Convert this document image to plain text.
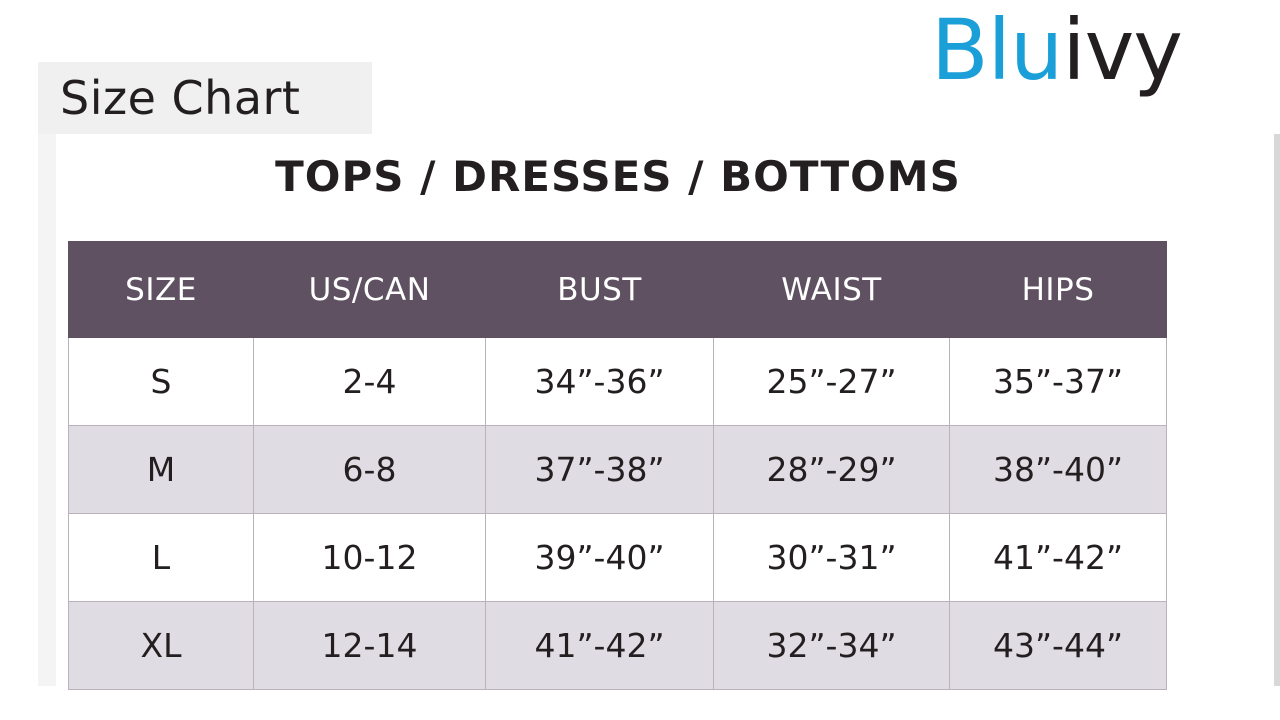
Bluivy
Size Chart
TOPS / DRESSES / BOTTOMS
SIZE	US/CAN	BUST	WAIST	HIPS
S	2-4	34”-36”	25”-27”	35”-37”
M	6-8	37”-38”	28”-29”	38”-40”
L	10-12	39”-40”	30”-31”	41”-42”
XL	12-14	41”-42”	32”-34”	43”-44”
